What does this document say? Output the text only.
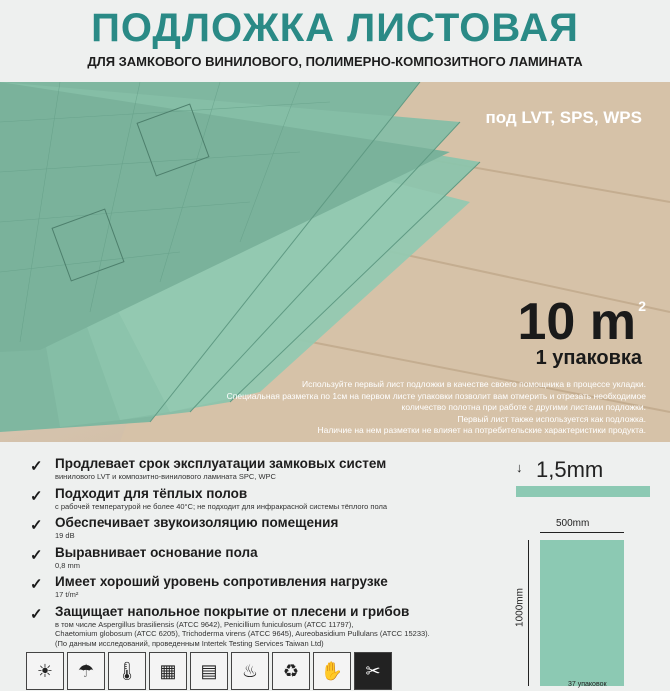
ПОДЛОЖКА ЛИСТОВАЯ
ДЛЯ ЗАМКОВОГО ВИНИЛОВОГО, ПОЛИМЕРНО-КОМПОЗИТНОГО ЛАМИНАТА
под LVT, SPS, WPS
10 m 2
1 упаковка
Используйте первый лист подложки в качестве своего помощника в процессе укладки.
Специальная разметка по 1см на первом листе упаковки позволит вам отмерить и отрезать необходимое
количество полотна при работе с другими листами подложки.
Первый лист также используется как подложка.
Наличие на нем разметки не влияет на потребительские характеристики продукта.
✓ Продлевает срок эксплуатации замковых систем
винилового LVT и композитно-винилового ламината SPC, WPC
✓ Подходит для тёплых полов
с рабочей температурой не более 40°С; не подходит для инфракрасной системы тёплого пола
✓ Обеспечивает звукоизоляцию помещения
19 dB
✓ Выравнивает основание пола
0,8 mm
✓ Имеет хороший уровень сопротивления нагрузке
17 t/m²
✓ Защищает напольное покрытие от плесени и грибов
в том числе Aspergillus brasiliensis (ATCC 9642), Penicillium funiculosum (ATCC 11797),
Chaetomium globosum (ATCC 6205), Trichoderma virens (ATCC 9645), Aureobasidium Pullulans (ATCC 15233).
(По данным исследований, проведенным Intertek Testing Services Taiwan Ltd)
↓ 1,5mm
500mm
1000mm
37 упаковок
☀	☂	🌡	▦	▤	♨	♻	✋	✂
